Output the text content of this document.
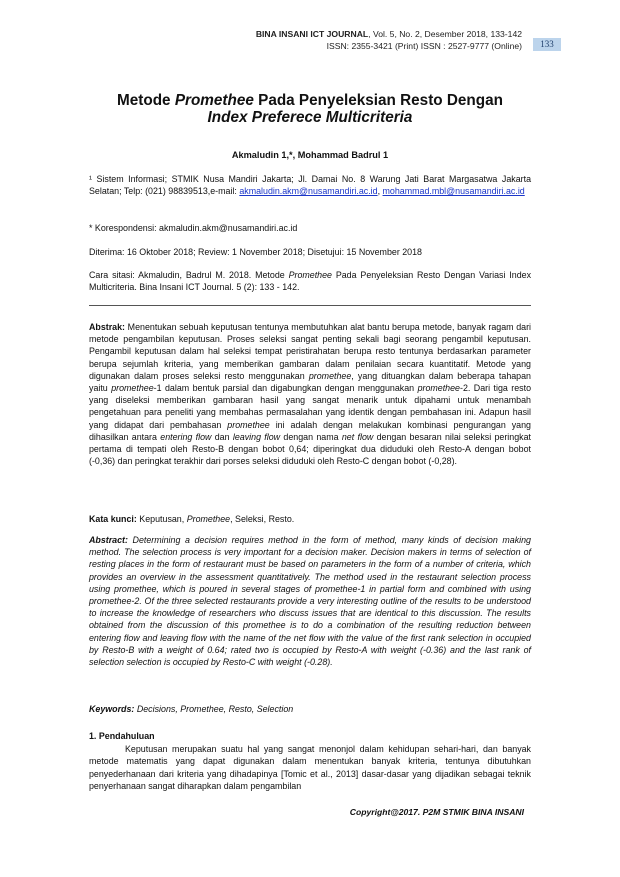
BINA INSANI ICT JOURNAL, Vol. 5, No. 2, Desember 2018, 133-142
ISSN: 2355-3421 (Print) ISSN : 2527-9777 (Online)	133
Metode Promethee Pada Penyeleksian Resto Dengan
Index Preferece Multicriteria
Akmaludin 1,*, Mohammad Badrul 1
¹ Sistem Informasi; STMIK Nusa Mandiri Jakarta; Jl. Damai No. 8 Warung Jati Barat Margasatwa Jakarta Selatan; Telp: (021) 98839513,e-mail: akmaludin.akm@nusamandiri.ac.id, mohammad.mbl@nusamandiri.ac.id
* Korespondensi: akmaludin.akm@nusamandiri.ac.id
Diterima: 16 Oktober 2018; Review: 1 November 2018; Disetujui: 15 November 2018
Cara sitasi: Akmaludin, Badrul M. 2018. Metode Promethee Pada Penyeleksian Resto Dengan Variasi Index Multicriteria. Bina Insani ICT Journal. 5 (2): 133 - 142.
Abstrak: Menentukan sebuah keputusan tentunya membutuhkan alat bantu berupa metode, banyak ragam dari metode pengambilan keputusan. Proses seleksi sangat penting sekali bagi seorang pengambil keputusan. Pengambil keputusan dalam hal seleksi tempat peristirahatan berupa resto tentunya berdasarkan parameter berupa sejumlah kriteria, yang memberikan gambaran dalam penilaian secara kuantitatif. Metode yang digunakan dalam proses seleksi resto menggunakan promethee, yang dituangkan dalam beberapa tahapan yaitu promethee-1 dalam bentuk parsial dan digabungkan dengan menggunakan promethee-2. Dari tiga resto yang diseleksi memberikan gambaran hasil yang sangat menarik untuk dipahami untuk menambah pengetahuan para peneliti yang membahas permasalahan yang identik dengan pembahasan ini. Adapun hasil yang didapat dari pembahasan promethee ini adalah dengan melakukan kombinasi pengurangan yang dihasilkan antara entering flow dan leaving flow dengan nama net flow dengan besaran nilai seleksi peringkat pertama di tempati oleh Resto-B dengan bobot 0,64; diperingkat dua diduduki oleh Resto-A dengan bobot (-0,36) dan peringkat terakhir dari porses seleksi diduduki oleh Resto-C dengan bobot (-0,28).
Kata kunci: Keputusan, Promethee, Seleksi, Resto.
Abstract: Determining a decision requires method in the form of method, many kinds of decision making method. The selection process is very important for a decision maker. Decision makers in terms of selection of resting places in the form of restaurant must be based on parameters in the form of a number of criteria, which provides an overview in the assessment quantitatively. The method used in the restaurant selection process using promethee, which is poured in several stages of promethee-1 in partial form and combined with using promethee-2. Of the three selected restaurants provide a very interesting outline of the results to be understood to increase the knowledge of researchers who discuss issues that are identical to this discussion. The results obtained from the discussion of this promethee is to do a combination of the resulting reduction between entering flow and leaving flow with the name of the net flow with the value of the first rank selection in occupied by Resto-B with a weight of 0.64; rated two is occupied by Resto-A with weight (-0.36) and the last rank of selection selection is occupied by Resto-C with weight (-0.28).
Keywords: Decisions, Promethee, Resto, Selection
1. Pendahuluan
Keputusan merupakan suatu hal yang sangat menonjol dalam kehidupan sehari-hari, dan banyak metode matematis yang dapat digunakan dalam menentukan banyak kriteria, tentunya dibutuhkan penyederhanaan dari kriteria yang dihadapinya [Tomic et al., 2013] dasar-dasar yang dijadikan sebagai teknik penyerhanaan sangat diharapkan dalam pengambilan
Copyright@2017. P2M STMIK BINA INSANI
